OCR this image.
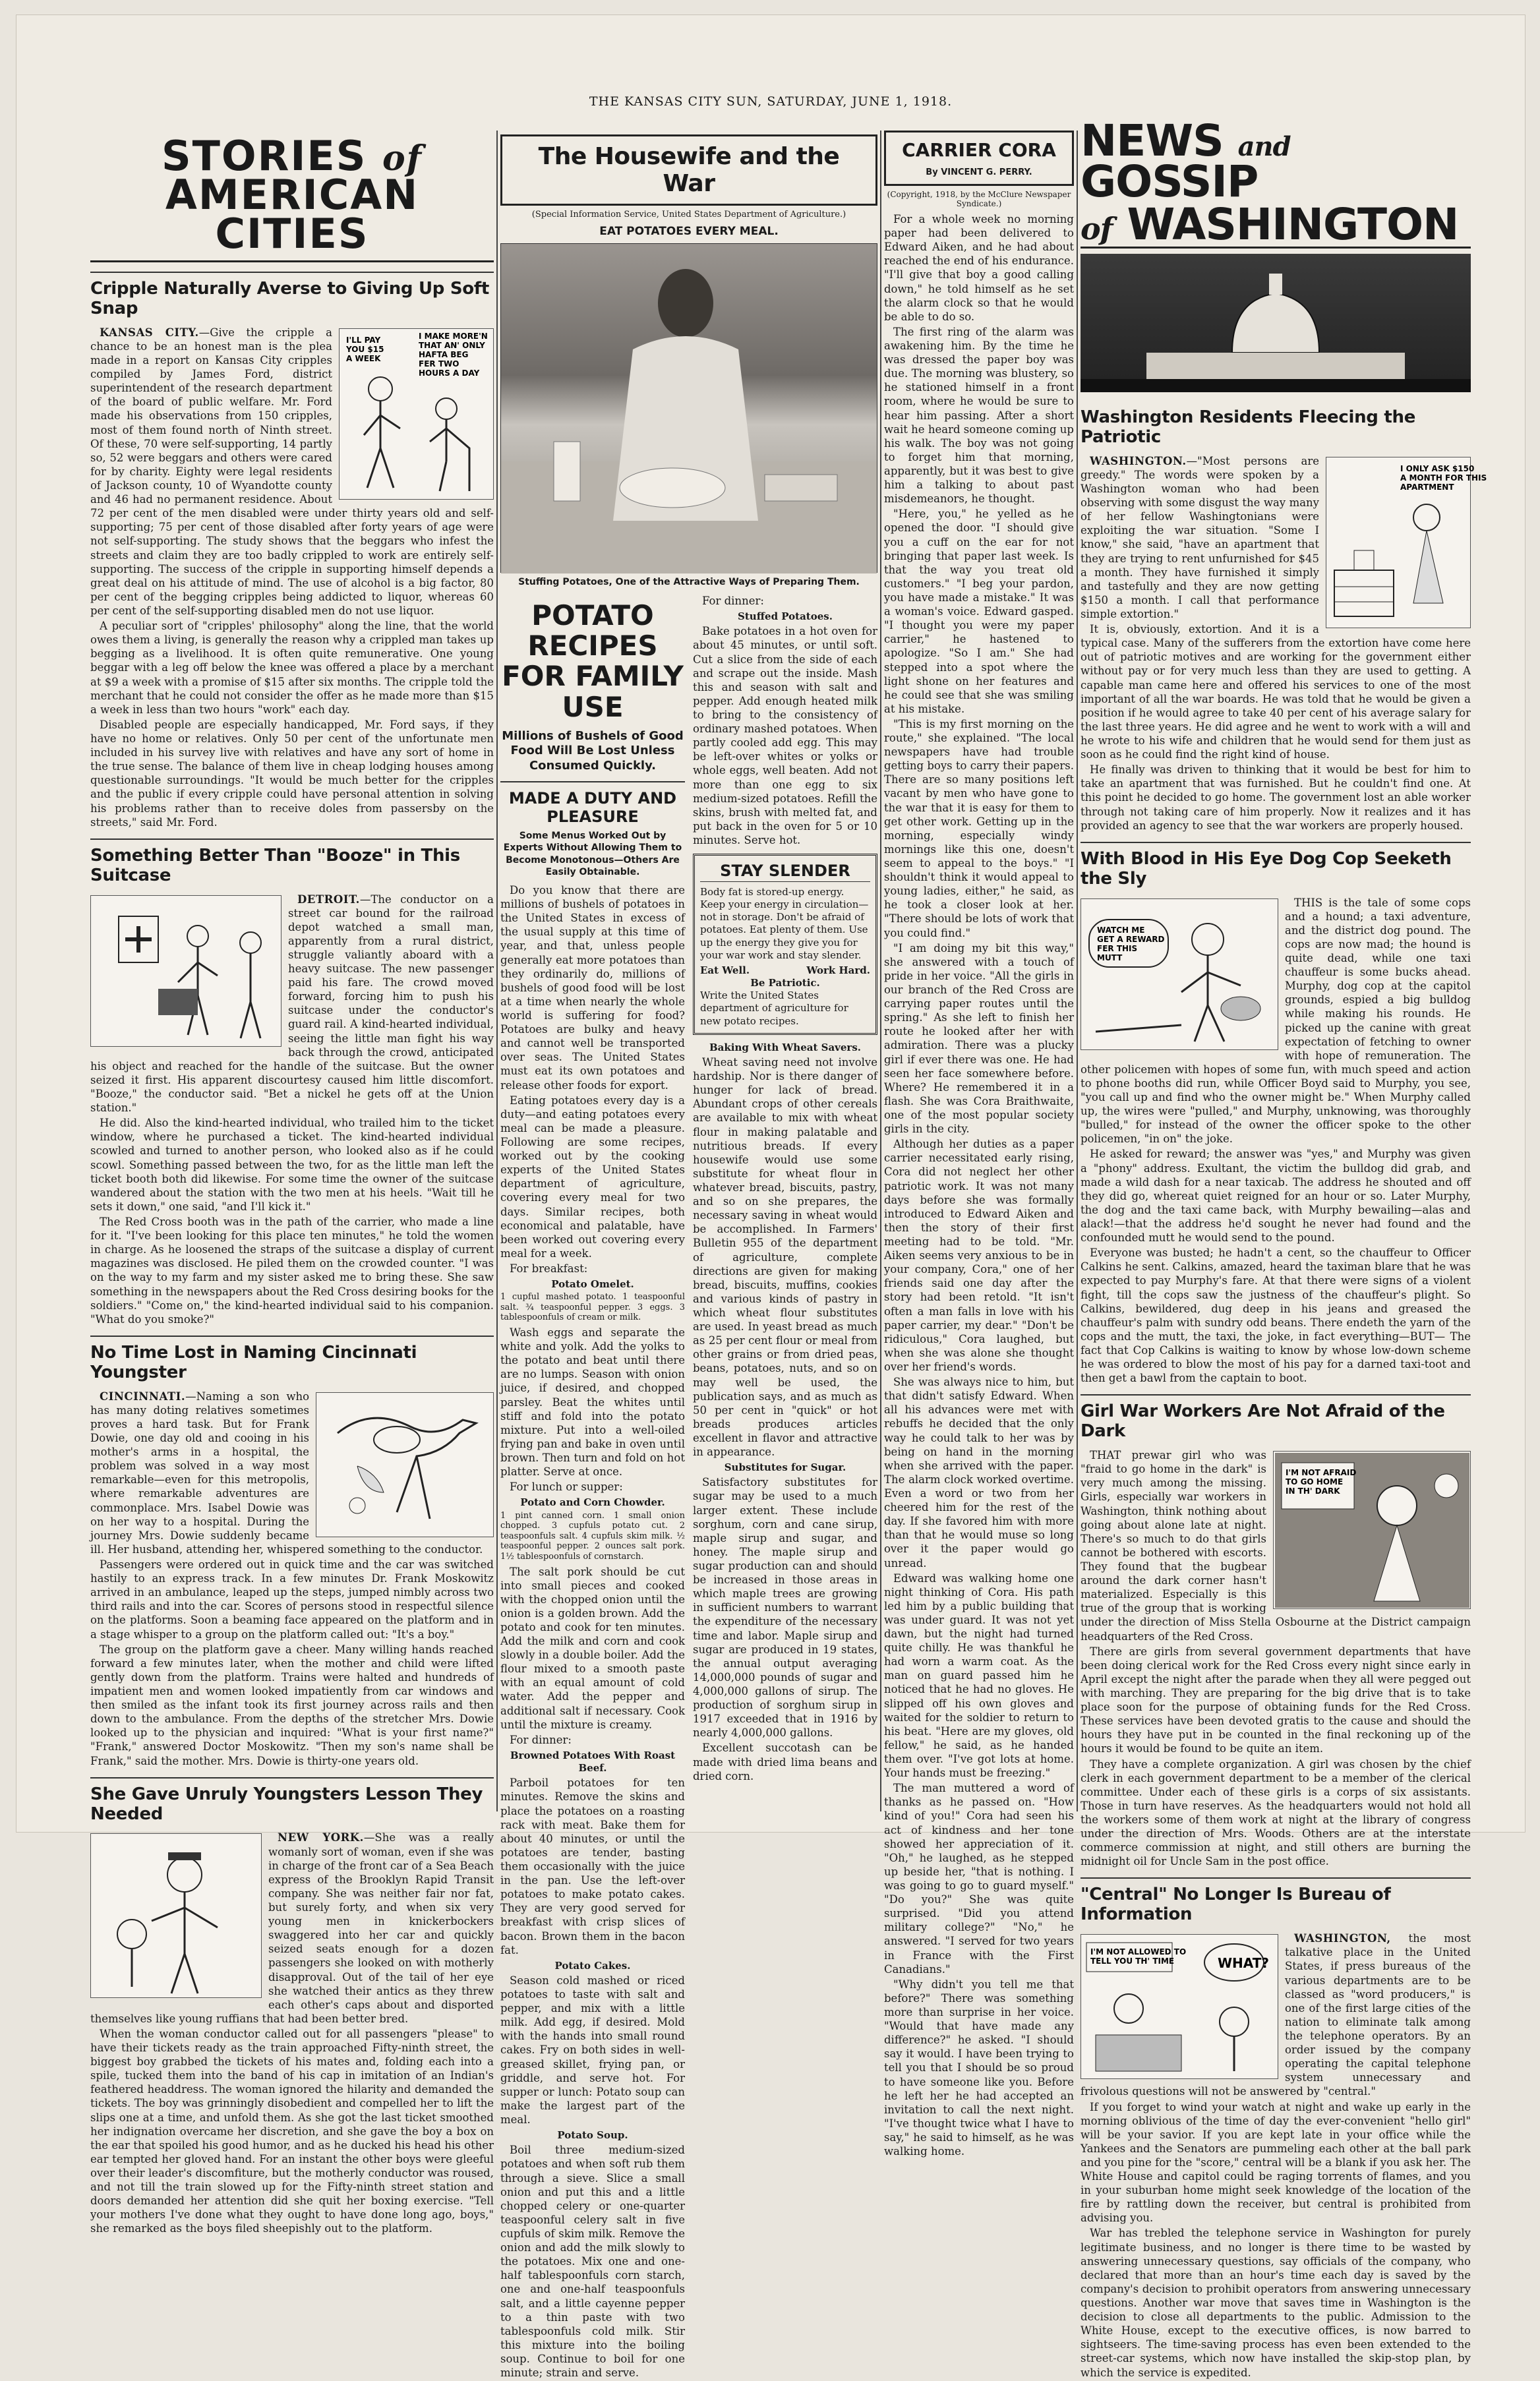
THE KANSAS CITY SUN, SATURDAY, JUNE 1, 1918.
STORIES of
AMERICAN CITIES
Cripple Naturally Averse to Giving Up Soft Snap
I'LL PAY YOU $15 A WEEK
I MAKE MORE'N THAT AN' ONLY HAFTA BEG FER TWO HOURS A DAY

KANSAS CITY.—Give the cripple a chance to be an honest man is the plea made in a report on Kansas City cripples compiled by James Ford, district superintendent of the research department of the board of public welfare. Mr. Ford made his observations from 150 cripples, most of them found north of Ninth street. Of these, 70 were self-supporting, 14 partly so, 52 were beggars and others were cared for by charity. Eighty were legal residents of Jackson county, 10 of Wyandotte county and 46 had no permanent residence. About 72 per cent of the men disabled were under thirty years old and self-supporting; 75 per cent of those disabled after forty years of age were not self-supporting. The study shows that the beggars who infest the streets and claim they are too badly crippled to work are entirely self-supporting. The success of the cripple in supporting himself depends a great deal on his attitude of mind. The use of alcohol is a big factor, 80 per cent of the begging cripples being addicted to liquor, whereas 60 per cent of the self-supporting disabled men do not use liquor.

A peculiar sort of "cripples' philosophy" along the line, that the world owes them a living, is generally the reason why a crippled man takes up begging as a livelihood. It is often quite remunerative. One young beggar with a leg off below the knee was offered a place by a merchant at $9 a week with a promise of $15 after six months. The cripple told the merchant that he could not consider the offer as he made more than $15 a week in less than two hours "work" each day.

Disabled people are especially handicapped, Mr. Ford says, if they have no home or relatives. Only 50 per cent of the unfortunate men included in his survey live with relatives and have any sort of home in the true sense. The balance of them live in cheap lodging houses among questionable surroundings. "It would be much better for the cripples and the public if every cripple could have personal attention in solving his problems rather than to receive doles from passersby on the streets," said Mr. Ford.

Something Better Than "Booze" in This Suitcase

DETROIT.—The conductor on a street car bound for the railroad depot watched a small man, apparently from a rural district, struggle valiantly aboard with a heavy suitcase. The new passenger paid his fare. The crowd moved forward, forcing him to push his suitcase under the conductor's guard rail. A kind-hearted individual, seeing the little man fight his way back through the crowd, anticipated his object and reached for the handle of the suitcase. But the owner seized it first. His apparent discourtesy caused him little discomfort. "Booze," the conductor said. "Bet a nickel he gets off at the Union station."

He did. Also the kind-hearted individual, who trailed him to the ticket window, where he purchased a ticket. The kind-hearted individual scowled and turned to another person, who looked also as if he could scowl. Something passed between the two, for as the little man left the ticket booth both did likewise. For some time the owner of the suitcase wandered about the station with the two men at his heels. "Wait till he sets it down," one said, "and I'll kick it."

The Red Cross booth was in the path of the carrier, who made a line for it. "I've been looking for this place ten minutes," he told the women in charge. As he loosened the straps of the suitcase a display of current magazines was disclosed. He piled them on the crowded counter. "I was on the way to my farm and my sister asked me to bring these. She saw something in the newspapers about the Red Cross desiring books for the soldiers." "Come on," the kind-hearted individual said to his companion. "What do you smoke?"

No Time Lost in Naming Cincinnati Youngster

CINCINNATI.—Naming a son who has many doting relatives sometimes proves a hard task. But for Frank Dowie, one day old and cooing in his mother's arms in a hospital, the problem was solved in a way most remarkable—even for this metropolis, where remarkable adventures are commonplace. Mrs. Isabel Dowie was on her way to a hospital. During the journey Mrs. Dowie suddenly became ill. Her husband, attending her, whispered something to the conductor.

Passengers were ordered out in quick time and the car was switched hastily to an express track. In a few minutes Dr. Frank Moskowitz arrived in an ambulance, leaped up the steps, jumped nimbly across two third rails and into the car. Scores of persons stood in respectful silence on the platforms. Soon a beaming face appeared on the platform and in a stage whisper to a group on the platform called out: "It's a boy."

The group on the platform gave a cheer. Many willing hands reached forward a few minutes later, when the mother and child were lifted gently down from the platform. Trains were halted and hundreds of impatient men and women looked impatiently from car windows and then smiled as the infant took its first journey across rails and then down to the ambulance. From the depths of the stretcher Mrs. Dowie looked up to the physician and inquired: "What is your first name?" "Frank," answered Doctor Moskowitz. "Then my son's name shall be Frank," said the mother. Mrs. Dowie is thirty-one years old.

She Gave Unruly Youngsters Lesson They Needed

NEW YORK.—She was a really womanly sort of woman, even if she was in charge of the front car of a Sea Beach express of the Brooklyn Rapid Transit company. She was neither fair nor fat, but surely forty, and when six very young men in knickerbockers swaggered into her car and quickly seized seats enough for a dozen passengers she looked on with motherly disapproval. Out of the tail of her eye she watched their antics as they threw each other's caps about and disported themselves like young ruffians that had been better bred.

When the woman conductor called out for all passengers "please" to have their tickets ready as the train approached Fifty-ninth street, the biggest boy grabbed the tickets of his mates and, folding each into a spile, tucked them into the band of his cap in imitation of an Indian's feathered headdress. The woman ignored the hilarity and demanded the tickets. The boy was grinningly disobedient and compelled her to lift the slips one at a time, and unfold them. As she got the last ticket smoothed her indignation overcame her discretion, and she gave the boy a box on the ear that spoiled his good humor, and as he ducked his head his other ear tempted her gloved hand. For an instant the other boys were gleeful over their leader's discomfiture, but the motherly conductor was roused, and not till the train slowed up for the Fifty-ninth street station and doors demanded her attention did she quit her boxing exercise. "Tell your mothers I've done what they ought to have done long ago, boys," she remarked as the boys filed sheepishly out to the platform.

The Housewife and the War
(Special Information Service, United States Department of Agriculture.)
EAT POTATOES EVERY MEAL.
Stuffing Potatoes, One of the Attractive Ways of Preparing Them.
POTATO RECIPES FOR FAMILY USE
Millions of Bushels of Good Food Will Be Lost Unless Consumed Quickly.
MADE A DUTY AND PLEASURE
Some Menus Worked Out by Experts Without Allowing Them to Become Monotonous—Others Are Easily Obtainable.

Do you know that there are millions of bushels of potatoes in the United States in excess of the usual supply at this time of year, and that, unless people generally eat more potatoes than they ordinarily do, millions of bushels of good food will be lost at a time when nearly the whole world is suffering for food? Potatoes are bulky and heavy and cannot well be transported over seas. The United States must eat its own potatoes and release other foods for export.

Eating potatoes every day is a duty—and eating potatoes every meal can be made a pleasure. Following are some recipes, worked out by the cooking experts of the United States department of agriculture, covering every meal for two days. Similar recipes, both economical and palatable, have been worked out covering every meal for a week.

For breakfast:

Potato Omelet.
1 cupful mashed potato. 1 teaspoonful salt. ¾ teaspoonful pepper. 3 eggs. 3 tablespoonfuls of cream or milk.

Wash eggs and separate the white and yolk. Add the yolks to the potato and beat until there are no lumps. Season with onion juice, if desired, and chopped parsley. Beat the whites until stiff and fold into the potato mixture. Put into a well-oiled frying pan and bake in oven until brown. Then turn and fold on hot platter. Serve at once.

For lunch or supper:

Potato and Corn Chowder.
1 pint canned corn. 1 small onion chopped. 3 cupfuls potato cut. 2 teaspoonfuls salt. 4 cupfuls skim milk. ½ teaspoonful pepper. 2 ounces salt pork. 1½ tablespoonfuls of cornstarch.

The salt pork should be cut into small pieces and cooked with the chopped onion until the onion is a golden brown. Add the potato and cook for ten minutes. Add the milk and corn and cook slowly in a double boiler. Add the flour mixed to a smooth paste with an equal amount of cold water. Add the pepper and additional salt if necessary. Cook until the mixture is creamy.

For dinner:

Browned Potatoes With Roast Beef.

Parboil potatoes for ten minutes. Remove the skins and place the potatoes on a roasting rack with meat. Bake them for about 40 minutes, or until the potatoes are tender, basting them occasionally with the juice in the pan. Use the left-over potatoes to make potato cakes. They are very good served for breakfast with crisp slices of bacon. Brown them in the bacon fat.

Potato Cakes.

Season cold mashed or riced potatoes to taste with salt and pepper, and mix with a little milk. Add egg, if desired. Mold with the hands into small round cakes. Fry on both sides in well-greased skillet, frying pan, or griddle, and serve hot. For supper or lunch: Potato soup can make the largest part of the meal.

Potato Soup.

Boil three medium-sized potatoes and when soft rub them through a sieve. Slice a small onion and put this and a little chopped celery or one-quarter teaspoonful celery salt in five cupfuls of skim milk. Remove the onion and add the milk slowly to the potatoes. Mix one and one-half tablespoonfuls corn starch, one and one-half teaspoonfuls salt, and a little cayenne pepper to a thin paste with two tablespoonfuls cold milk. Stir this mixture into the boiling soup. Continue to boil for one minute; strain and serve.

For dinner:

Stuffed Potatoes.

Bake potatoes in a hot oven for about 45 minutes, or until soft. Cut a slice from the side of each and scrape out the inside. Mash this and season with salt and pepper. Add enough heated milk to bring to the consistency of ordinary mashed potatoes. When partly cooled add egg. This may be left-over whites or yolks or whole eggs, well beaten. Add not more than one egg to six medium-sized potatoes. Refill the skins, brush with melted fat, and put back in the oven for 5 or 10 minutes. Serve hot.

STAY SLENDER
Body fat is stored-up energy. Keep your energy in circulation—not in storage. Don't be afraid of potatoes. Eat plenty of them. Use up the energy they give you for your war work and stay slender.
Eat Well.	Work Hard.
Be Patriotic.
Write the United States department of agriculture for new potato recipes.
Baking With Wheat Savers.

Wheat saving need not involve hardship. Nor is there danger of hunger for lack of bread. Abundant crops of other cereals are available to mix with wheat flour in making palatable and nutritious breads. If every housewife would use some substitute for wheat flour in whatever bread, biscuits, pastry, and so on she prepares, the necessary saving in wheat would be accomplished. In Farmers' Bulletin 955 of the department of agriculture, complete directions are given for making bread, biscuits, muffins, cookies and various kinds of pastry in which wheat flour substitutes are used. In yeast bread as much as 25 per cent flour or meal from other grains or from dried peas, beans, potatoes, nuts, and so on may well be used, the publication says, and as much as 50 per cent in "quick" or hot breads produces articles excellent in flavor and attractive in appearance.

Substitutes for Sugar.

Satisfactory substitutes for sugar may be used to a much larger extent. These include sorghum, corn and cane sirup, maple sirup and sugar, and honey. The maple sirup and sugar production can and should be increased in those areas in which maple trees are growing in sufficient numbers to warrant the expenditure of the necessary time and labor. Maple sirup and sugar are produced in 19 states, the annual output averaging 14,000,000 pounds of sugar and 4,000,000 gallons of sirup. The production of sorghum sirup in 1917 exceeded that in 1916 by nearly 4,000,000 gallons.

Excellent succotash can be made with dried lima beans and dried corn.

CARRIER CORA
By VINCENT G. PERRY.
(Copyright, 1918, by the McClure Newspaper Syndicate.)

For a whole week no morning paper had been delivered to Edward Aiken, and he had about reached the end of his endurance. "I'll give that boy a good calling down," he told himself as he set the alarm clock so that he would be able to do so.

The first ring of the alarm was awakening him. By the time he was dressed the paper boy was due. The morning was blustery, so he stationed himself in a front room, where he would be sure to hear him passing. After a short wait he heard someone coming up his walk. The boy was not going to forget him that morning, apparently, but it was best to give him a talking to about past misdemeanors, he thought.

"Here, you," he yelled as he opened the door. "I should give you a cuff on the ear for not bringing that paper last week. Is that the way you treat old customers." "I beg your pardon, you have made a mistake." It was a woman's voice. Edward gasped. "I thought you were my paper carrier," he hastened to apologize. "So I am." She had stepped into a spot where the light shone on her features and he could see that she was smiling at his mistake.

"This is my first morning on the route," she explained. "The local newspapers have had trouble getting boys to carry their papers. There are so many positions left vacant by men who have gone to the war that it is easy for them to get other work. Getting up in the morning, especially windy mornings like this one, doesn't seem to appeal to the boys." "I shouldn't think it would appeal to young ladies, either," he said, as he took a closer look at her. "There should be lots of work that you could find."

"I am doing my bit this way," she answered with a touch of pride in her voice. "All the girls in our branch of the Red Cross are carrying paper routes until the spring." As she left to finish her route he looked after her with admiration. There was a plucky girl if ever there was one. He had seen her face somewhere before. Where? He remembered it in a flash. She was Cora Braithwaite, one of the most popular society girls in the city.

Although her duties as a paper carrier necessitated early rising, Cora did not neglect her other patriotic work. It was not many days before she was formally introduced to Edward Aiken and then the story of their first meeting had to be told. "Mr. Aiken seems very anxious to be in your company, Cora," one of her friends said one day after the story had been retold. "It isn't often a man falls in love with his paper carrier, my dear." "Don't be ridiculous," Cora laughed, but when she was alone she thought over her friend's words.

She was always nice to him, but that didn't satisfy Edward. When all his advances were met with rebuffs he decided that the only way he could talk to her was by being on hand in the morning when she arrived with the paper. The alarm clock worked overtime. Even a word or two from her cheered him for the rest of the day. If she favored him with more than that he would muse so long over it the paper would go unread.

Edward was walking home one night thinking of Cora. His path led him by a public building that was under guard. It was not yet dawn, but the night had turned quite chilly. He was thankful he had worn a warm coat. As the man on guard passed him he noticed that he had no gloves. He slipped off his own gloves and waited for the soldier to return to his beat. "Here are my gloves, old fellow," he said, as he handed them over. "I've got lots at home. Your hands must be freezing."

The man muttered a word of thanks as he passed on. "How kind of you!" Cora had seen his act of kindness and her tone showed her appreciation of it. "Oh," he laughed, as he stepped up beside her, "that is nothing. I was going to go to guard myself." "Do you?" She was quite surprised. "Did you attend military college?" "No," he answered. "I served for two years in France with the First Canadians."

"Why didn't you tell me that before?" There was something more than surprise in her voice. "Would that have made any difference?" he asked. "I should say it would. I have been trying to tell you that I should be so proud to have someone like you. Before he left her he had accepted an invitation to call the next night. "I've thought twice what I have to say," he said to himself, as he was walking home.

NEWS and GOSSIP
of WASHINGTON
Washington Residents Fleecing the Patriotic
I ONLY ASK $150 A MONTH FOR THIS APARTMENT

WASHINGTON.—"Most persons are greedy." The words were spoken by a Washington woman who had been observing with some disgust the way many of her fellow Washingtonians were exploiting the war situation. "Some I know," she said, "have an apartment that they are trying to rent unfurnished for $45 a month. They have furnished it simply and tastefully and they are now getting $150 a month. I call that performance simple extortion."

It is, obviously, extortion. And it is a typical case. Many of the sufferers from the extortion have come here out of patriotic motives and are working for the government either without pay or for very much less than they are used to getting. A capable man came here and offered his services to one of the most important of all the war boards. He was told that he would be given a position if he would agree to take 40 per cent of his average salary for the last three years. He did agree and he went to work with a will and he wrote to his wife and children that he would send for them just as soon as he could find the right kind of house.

He finally was driven to thinking that it would be best for him to take an apartment that was furnished. But he couldn't find one. At this point he decided to go home. The government lost an able worker through not taking care of him properly. Now it realizes and it has provided an agency to see that the war workers are properly housed.

With Blood in His Eye Dog Cop Seeketh the Sly
WATCH ME GET A REWARD FER THIS MUTT

THIS is the tale of some cops and a hound; a taxi adventure, and the district dog pound. The cops are now mad; the hound is quite dead, while one taxi chauffeur is some bucks ahead. Murphy, dog cop at the capitol grounds, espied a big bulldog while making his rounds. He picked up the canine with great expectation of fetching to owner with hope of remuneration. The other policemen with hopes of some fun, with much speed and action to phone booths did run, while Officer Boyd said to Murphy, you see, "you call up and find who the owner might be." When Murphy called up, the wires were "pulled," and Murphy, unknowing, was thoroughly "bulled," for instead of the owner the officer spoke to the other policemen, "in on" the joke.

He asked for reward; the answer was "yes," and Murphy was given a "phony" address. Exultant, the victim the bulldog did grab, and made a wild dash for a near taxicab. The address he shouted and off they did go, whereat quiet reigned for an hour or so. Later Murphy, the dog and the taxi came back, with Murphy bewailing—alas and alack!—that the address he'd sought he never had found and the confounded mutt he would send to the pound.

Everyone was busted; he hadn't a cent, so the chauffeur to Officer Calkins he sent. Calkins, amazed, heard the taximan blare that he was expected to pay Murphy's fare. At that there were signs of a violent fight, till the cops saw the justness of the chauffeur's plight. So Calkins, bewildered, dug deep in his jeans and greased the chauffeur's palm with sundry odd beans. There endeth the yarn of the cops and the mutt, the taxi, the joke, in fact everything—BUT— The fact that Cop Calkins is waiting to know by whose low-down scheme he was ordered to blow the most of his pay for a darned taxi-toot and then get a bawl from the captain to boot.

Girl War Workers Are Not Afraid of the Dark
I'M NOT AFRAID TO GO HOME IN TH' DARK

THAT prewar girl who was "fraid to go home in the dark" is very much among the missing. Girls, especially war workers in Washington, think nothing about going about alone late at night. There's so much to do that girls cannot be bothered with escorts. They found that the bugbear around the dark corner hasn't materialized. Especially is this true of the group that is working under the direction of Miss Stella Osbourne at the District campaign headquarters of the Red Cross.

There are girls from several government departments that have been doing clerical work for the Red Cross every night since early in April except the night after the parade when they all were pegged out with marching. They are preparing for the big drive that is to take place soon for the purpose of obtaining funds for the Red Cross. These services have been devoted gratis to the cause and should the hours they have put in be counted in the final reckoning up of the hours it would be found to be quite an item.

They have a complete organization. A girl was chosen by the chief clerk in each government department to be a member of the clerical committee. Under each of these girls is a corps of six assistants. Those in turn have reserves. As the headquarters would not hold all the workers some of them work at night at the library of congress under the direction of Mrs. Woods. Others are at the interstate commerce commission at night, and still others are burning the midnight oil for Uncle Sam in the post office.

"Central" No Longer Is Bureau of Information
I'M NOT ALLOWED TO TELL YOU TH' TIME	WHAT?

WASHINGTON, the most talkative place in the United States, if press bureaus of the various departments are to be classed as "word producers," is one of the first large cities of the nation to eliminate talk among the telephone operators. By an order issued by the company operating the capital telephone system unnecessary and frivolous questions will not be answered by "central."

If you forget to wind your watch at night and wake up early in the morning oblivious of the time of day the ever-convenient "hello girl" will be your savior. If you are kept late in your office while the Yankees and the Senators are pummeling each other at the ball park and you pine for the "score," central will be a blank if you ask her. The White House and capitol could be raging torrents of flames, and you in your suburban home might seek knowledge of the location of the fire by rattling down the receiver, but central is prohibited from advising you.

War has trebled the telephone service in Washington for purely legitimate business, and no longer is there time to be wasted by answering unnecessary questions, say officials of the company, who declared that more than an hour's time each day is saved by the company's decision to prohibit operators from answering unnecessary questions. Another war move that saves time in Washington is the decision to close all departments to the public. Admission to the White House, except to the executive offices, is now barred to sightseers. The time-saving process has even been extended to the street-car systems, which now have installed the skip-stop plan, by which the service is expedited.
